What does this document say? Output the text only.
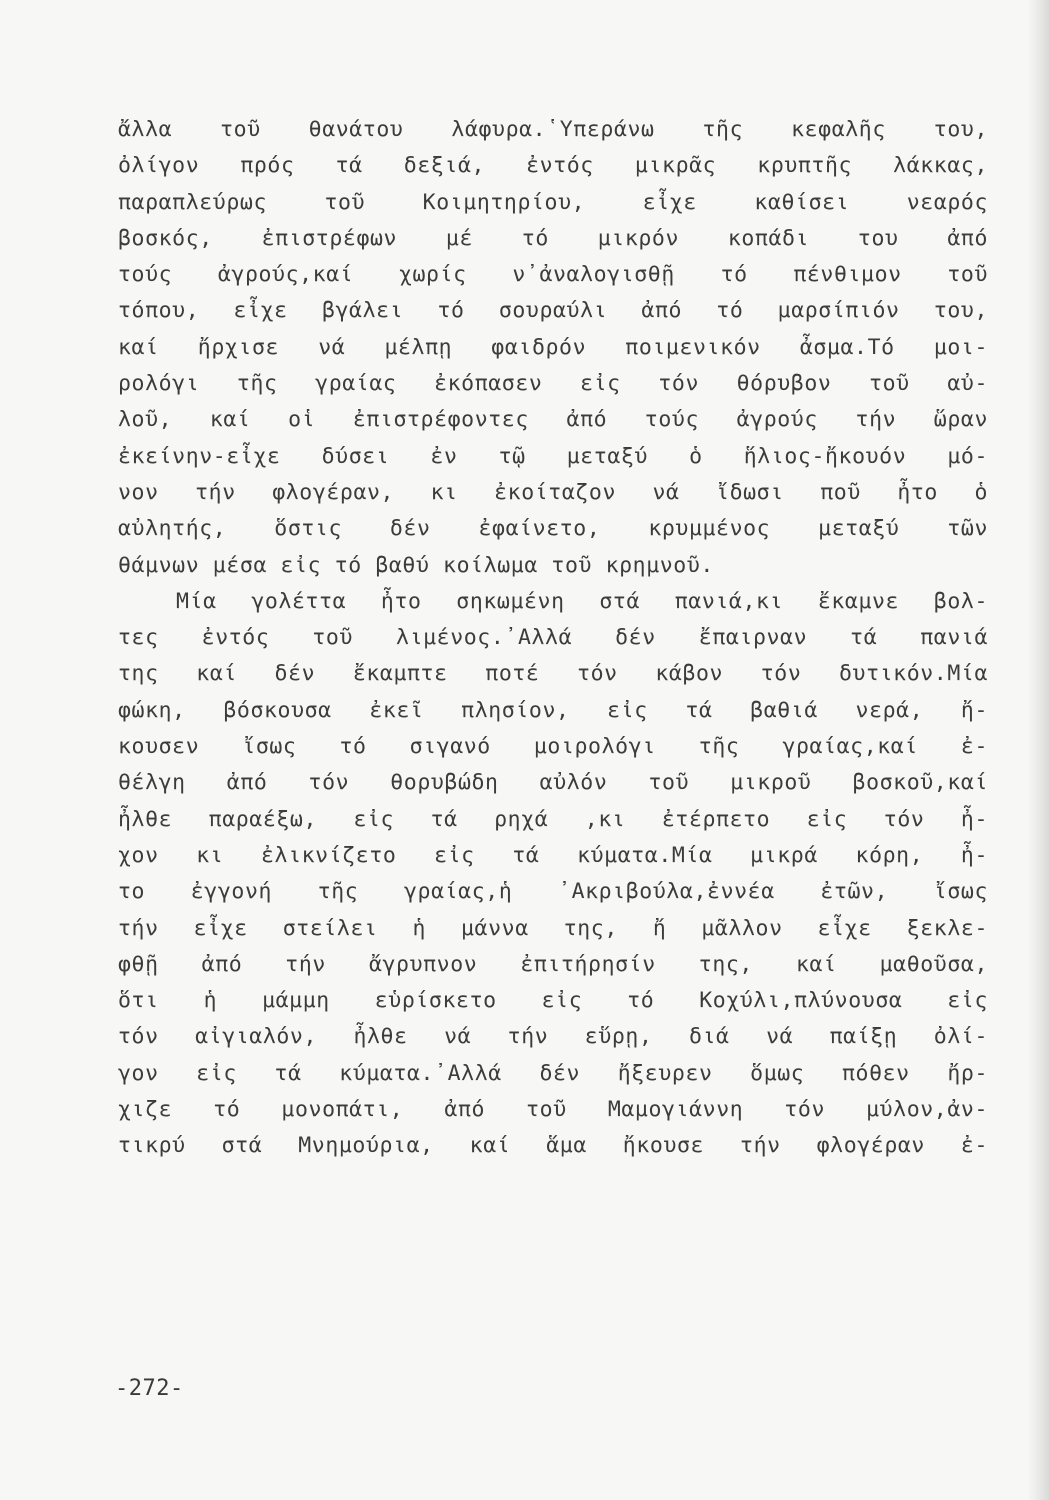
ἄλλα τοῦ θανάτου λάφυρα.῾Υπεράνω τῆς κεφαλῆς του,
ὀλίγον πρός τά δεξιά, ἐντός μικρᾶς κρυπτῆς λάκκας,
παραπλεύρως τοῦ Κοιμητηρίου, εἶχε καθίσει νεαρός
βοσκός, ἐπιστρέφων μέ τό μικρόν κοπάδι του ἀπό
τούς ἀγρούς,καί χωρίς ν᾿ἀναλογισθῇ τό πένθιμον τοῦ
τόπου, εἶχε βγάλει τό σουραύλι ἀπό τό μαρσίπιόν του,
καί ἤρχισε νά μέλπῃ φαιδρόν ποιμενικόν ἆσμα.Τό μοι-
ρολόγι τῆς γραίας ἐκόπασεν εἰς τόν θόρυβον τοῦ αὐ-
λοῦ, καί οἱ ἐπιστρέφοντες ἀπό τούς ἀγρούς τήν ὥραν
ἐκείνην-εἶχε δύσει ἐν τῷ μεταξύ ὁ ἥλιος-ἤκουόν μό-
νον τήν φλογέραν, κι ἐκοίταζον νά ἴδωσι ποῦ ἦτο ὁ
αὐλητής, ὅστις δέν ἐφαίνετο, κρυμμένος μεταξύ τῶν
θάμνων μέσα εἰς τό βαθύ κοίλωμα τοῦ κρημνοῦ.
Μία γολέττα ἦτο σηκωμένη στά πανιά,κι ἔκαμνε βολ-
τες ἐντός τοῦ λιμένος.᾿Αλλά δέν ἔπαιρναν τά πανιά
της καί δέν ἔκαμπτε ποτέ τόν κάβον τόν δυτικόν.Μία
φώκη, βόσκουσα ἐκεῖ πλησίον, εἰς τά βαθιά νερά, ἤ-
κουσεν ἴσως τό σιγανό μοιρολόγι τῆς γραίας,καί ἐ-
θέλγη ἀπό τόν θορυβώδη αὐλόν τοῦ μικροῦ βοσκοῦ,καί
ἦλθε παραέξω, εἰς τά ρηχά ,κι ἐτέρπετο εἰς τόν ἦ-
χον κι ἐλικνίζετο εἰς τά κύματα.Μία μικρά κόρη, ἦ-
το ἐγγονή τῆς γραίας,ἡ ᾿Ακριβούλα,ἐννέα ἐτῶν, ἴσως
τήν εἶχε στείλει ἡ μάννα της, ἤ μᾶλλον εἶχε ξεκλε-
φθῇ ἀπό τήν ἄγρυπνον ἐπιτήρησίν της, καί μαθοῦσα,
ὅτι ἡ μάμμη εὑρίσκετο εἰς τό Κοχύλι,πλύνουσα εἰς
τόν αἰγιαλόν, ἦλθε νά τήν εὕρῃ, διά νά παίξῃ ὀλί-
γον εἰς τά κύματα.᾿Αλλά δέν ἤξευρεν ὅμως πόθεν ἤρ-
χιζε τό μονοπάτι, ἀπό τοῦ Μαμογιάννη τόν μύλον,ἀν-
τικρύ στά Μνημούρια, καί ἅμα ἤκουσε τήν φλογέραν ἐ-
-272-
